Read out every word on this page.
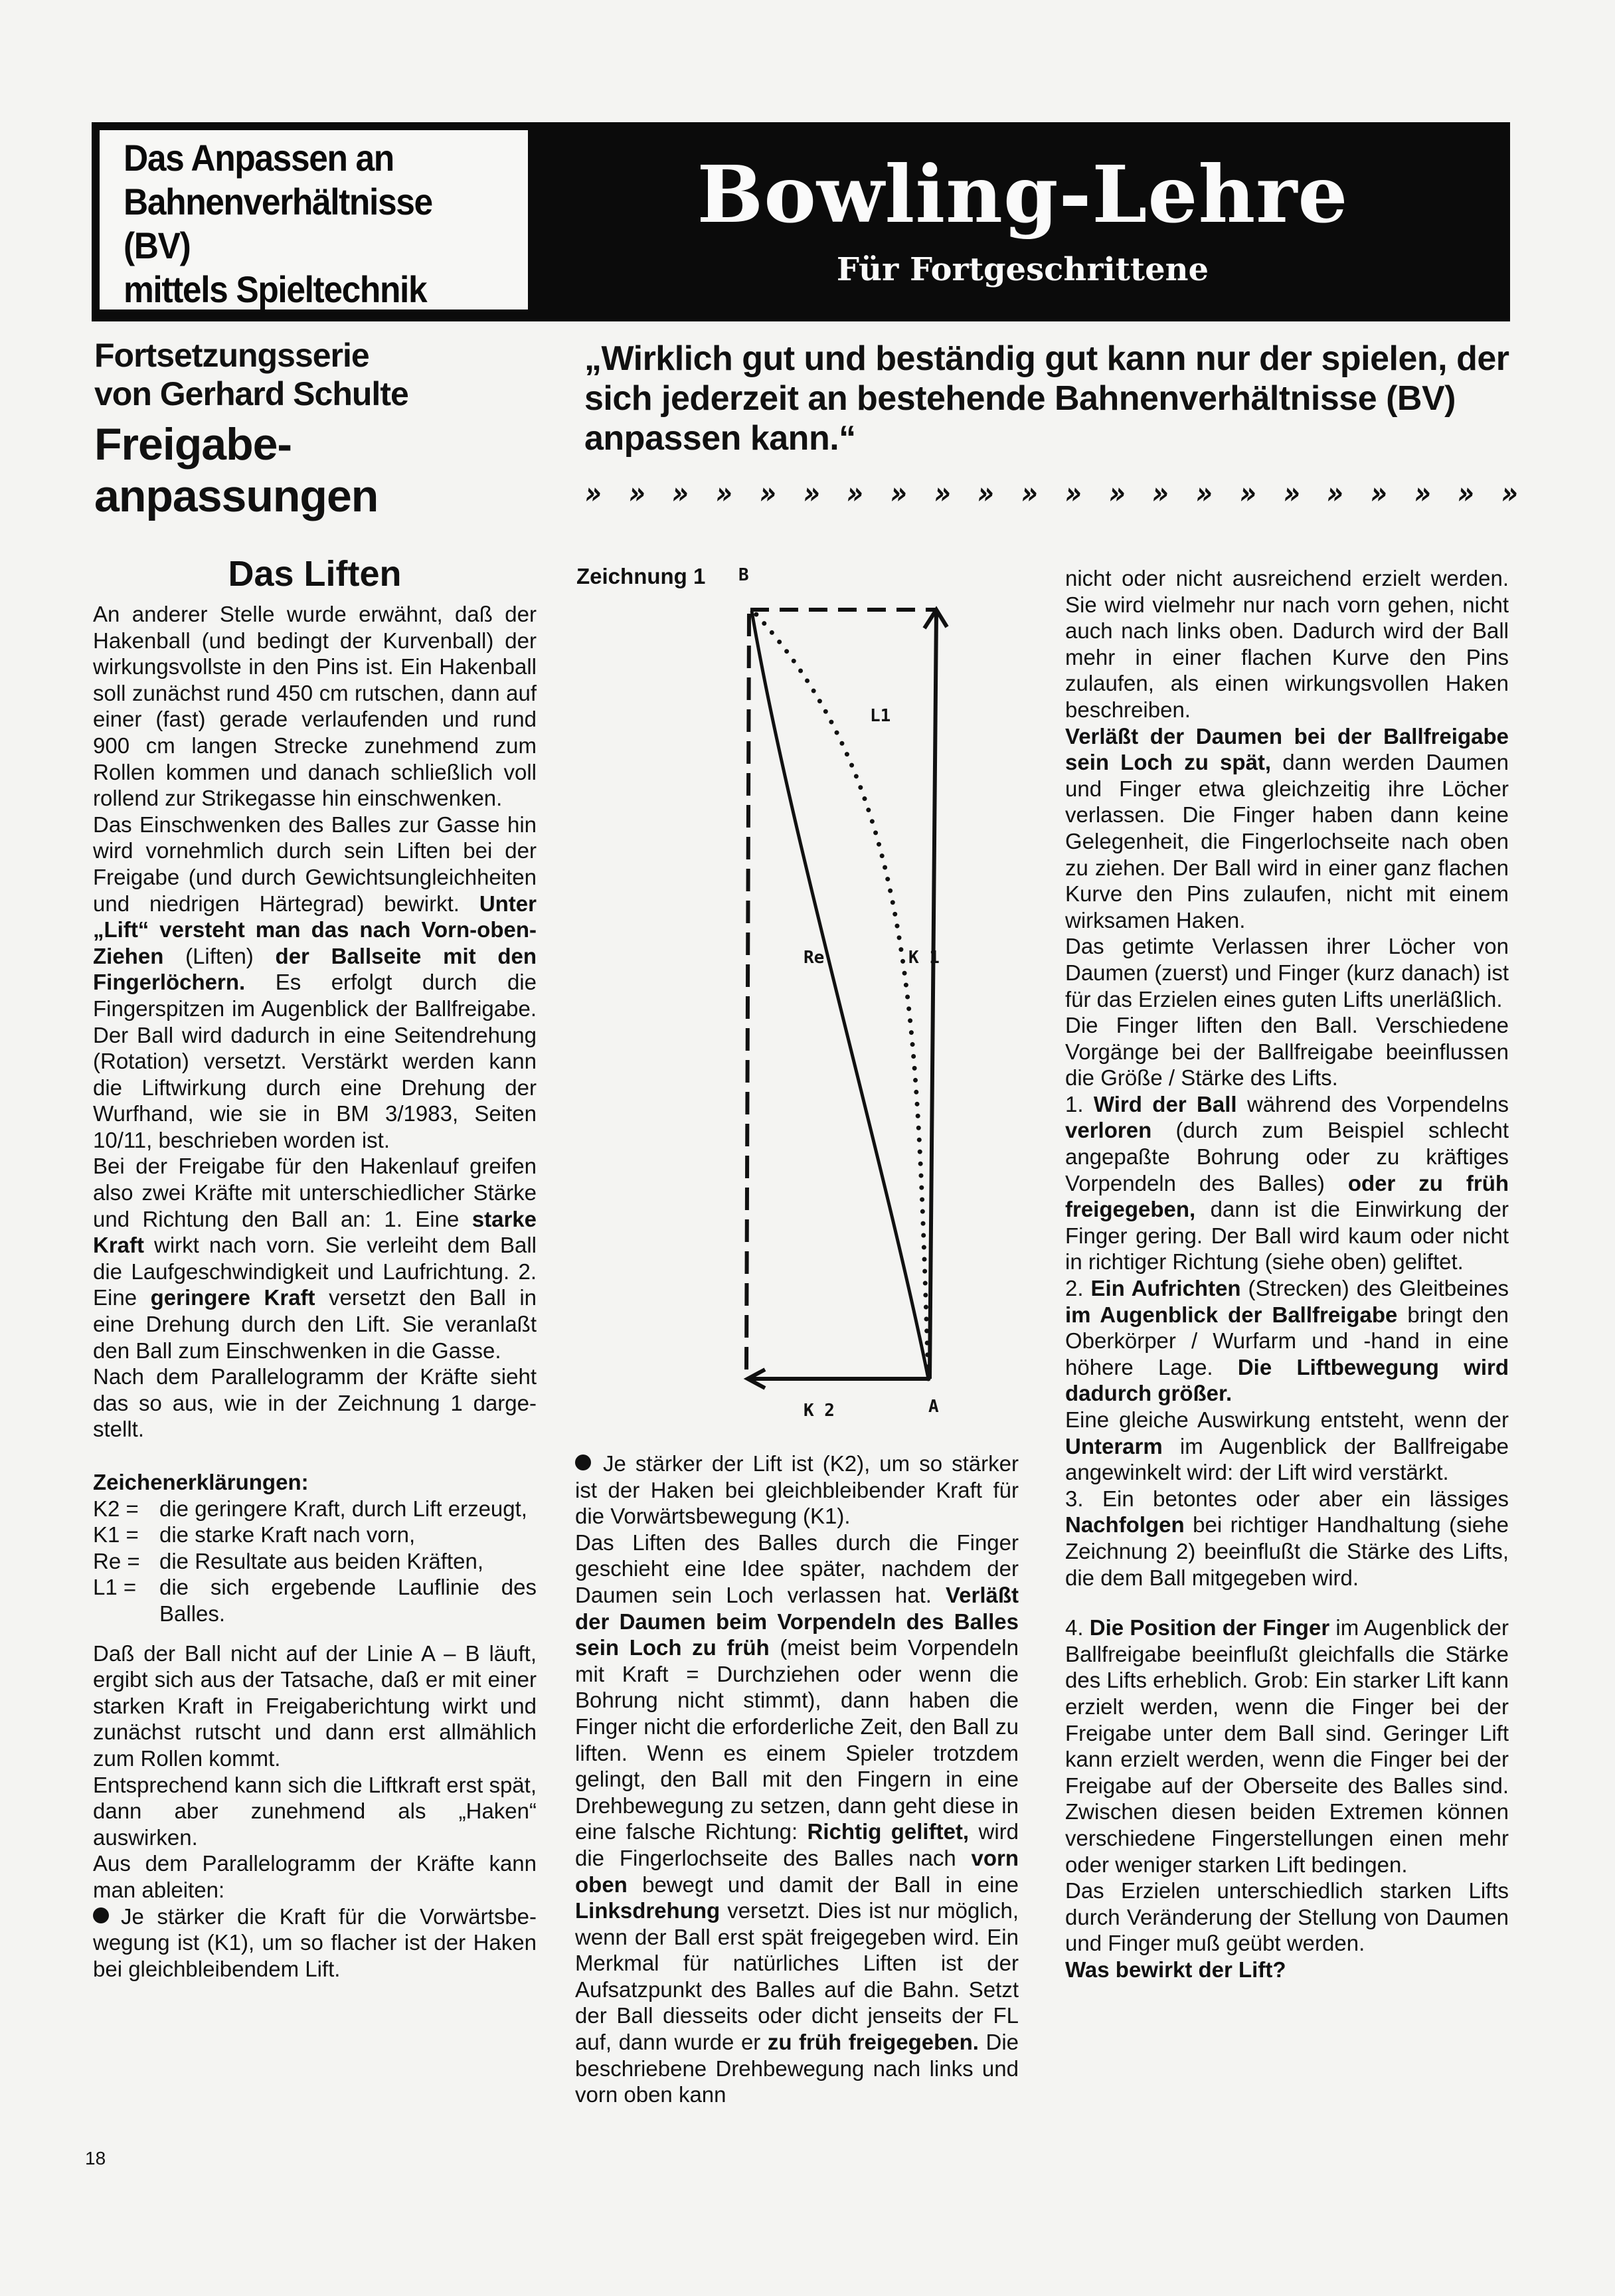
Das Anpassen an
Bahnenverhältnisse
(BV)
mittels Spieltechnik
Bowling-Lehre
Für Fortgeschrittene
Fortsetzungsserie
von Gerhard Schulte
Freigabe-
anpassungen
„Wirklich gut und beständig gut kann nur der spielen, der sich jederzeit an bestehende Bahnenverhältnisse (BV) anpassen kann.“
» » » » » » » » » » » » » » » » » » » » » »
Das Liften

An anderer Stelle wurde erwähnt, daß der Hakenball (und bedingt der Kurvenball) der wirkungsvollste in den Pins ist. Ein Hakenball soll zunächst rund 450 cm rutschen, dann auf einer (fast) gerade verlaufenden und rund 900 cm langen Strecke zunehmend zum Rollen kommen und danach schließlich voll rollend zur Strikegasse hin einschwenken.

Das Einschwenken des Balles zur Gasse hin wird vornehmlich durch sein Liften bei der Freigabe (und durch Gewichtsungleichheiten und niedrigen Härtegrad) bewirkt. Unter „Lift“ versteht man das nach Vorn-oben-Ziehen (Liften) der Ballseite mit den Fingerlöchern. Es erfolgt durch die Fingerspitzen im Augenblick der Ballfreigabe. Der Ball wird dadurch in eine Seitendrehung (Rotation) versetzt. Verstärkt werden kann die Liftwirkung durch eine Drehung der Wurfhand, wie sie in BM 3/1983, Seiten 10/11, beschrieben worden ist.

Bei der Freigabe für den Hakenlauf greifen also zwei Kräfte mit unterschiedlicher Stärke und Richtung den Ball an: 1. Eine starke Kraft wirkt nach vorn. Sie verleiht dem Ball die Laufgeschwindigkeit und Laufrichtung. 2. Eine geringere Kraft versetzt den Ball in eine Drehung durch den Lift. Sie veranlaßt den Ball zum Einschwenken in die Gasse.

Nach dem Parallelogramm der Kräfte sieht das so aus, wie in der Zeichnung 1 dargestellt.

Zeichenerklärungen:

K2 = die geringere Kraft, durch Lift erzeugt,
K1 = die starke Kraft nach vorn,
Re = die Resultate aus beiden Kräften,
L1 =	die sich ergebende Lauflinie des Balles.

Daß der Ball nicht auf der Linie A – B läuft, ergibt sich aus der Tatsache, daß er mit einer starken Kraft in Freigaberichtung wirkt und zunächst rutscht und dann erst allmählich zum Rollen kommt.

Entsprechend kann sich die Liftkraft erst spät, dann aber zunehmend als „Haken“ auswirken.

Aus dem Parallelogramm der Kräfte kann man ableiten:

Je stärker die Kraft für die Vorwärtsbewegung ist (K1), um so flacher ist der Haken bei gleichbleibendem Lift.

Zeichnung 1 B
L1
Re	K 1
K 2	A

Je stärker der Lift ist (K2), um so stärker ist der Haken bei gleichbleibender Kraft für die Vorwärtsbewegung (K1).

Das Liften des Balles durch die Finger geschieht eine Idee später, nachdem der Daumen sein Loch verlassen hat. Verläßt der Daumen beim Vorpendeln des Balles sein Loch zu früh (meist beim Vorpendeln mit Kraft = Durchziehen oder wenn die Bohrung nicht stimmt), dann haben die Finger nicht die erforderliche Zeit, den Ball zu liften. Wenn es einem Spieler trotzdem gelingt, den Ball mit den Fingern in eine Drehbewegung zu setzen, dann geht diese in eine falsche Richtung: Richtig geliftet, wird die Fingerlochseite des Balles nach vorn oben bewegt und damit der Ball in eine Linksdrehung versetzt. Dies ist nur möglich, wenn der Ball erst spät freigegeben wird. Ein Merkmal für natürliches Liften ist der Aufsatzpunkt des Balles auf die Bahn. Setzt der Ball diesseits oder dicht jenseits der FL auf, dann wurde er zu früh freigegeben. Die beschriebene Drehbewegung nach links und vorn oben kann

nicht oder nicht ausreichend erzielt werden. Sie wird vielmehr nur nach vorn gehen, nicht auch nach links oben. Dadurch wird der Ball mehr in einer flachen Kurve den Pins zulaufen, als einen wirkungsvollen Haken beschreiben.

Verläßt der Daumen bei der Ballfreigabe sein Loch zu spät, dann werden Daumen und Finger etwa gleichzeitig ihre Löcher verlassen. Die Finger haben dann keine Gelegenheit, die Fingerlochseite nach oben zu ziehen. Der Ball wird in einer ganz flachen Kurve den Pins zulaufen, nicht mit einem wirksamen Haken.

Das getimte Verlassen ihrer Löcher von Daumen (zuerst) und Finger (kurz danach) ist für das Erzielen eines guten Lifts unerläßlich.

Die Finger liften den Ball. Verschiedene Vorgänge bei der Ballfreigabe beeinflussen die Größe / Stärke des Lifts.

1. Wird der Ball während des Vorpendelns verloren (durch zum Beispiel schlecht angepaßte Bohrung oder zu kräftiges Vorpendeln des Balles) oder zu früh freigegeben, dann ist die Einwirkung der Finger gering. Der Ball wird kaum oder nicht in richtiger Richtung (siehe oben) geliftet.

2. Ein Aufrichten (Strecken) des Gleitbeines im Augenblick der Ballfreigabe bringt den Oberkörper / Wurfarm und -hand in eine höhere Lage. Die Liftbewegung wird dadurch größer.

Eine gleiche Auswirkung entsteht, wenn der Unterarm im Augenblick der Ballfreigabe angewinkelt wird: der Lift wird verstärkt.

3. Ein betontes oder aber ein lässiges Nachfolgen bei richtiger Handhaltung (siehe Zeichnung 2) beeinflußt die Stärke des Lifts, die dem Ball mitgegeben wird.

4. Die Position der Finger im Augenblick der Ballfreigabe beeinflußt gleichfalls die Stärke des Lifts erheblich. Grob: Ein starker Lift kann erzielt werden, wenn die Finger bei der Freigabe unter dem Ball sind. Geringer Lift kann erzielt werden, wenn die Finger bei der Freigabe auf der Oberseite des Balles sind. Zwischen diesen beiden Extremen können verschiedene Fingerstellungen einen mehr oder weniger starken Lift bedingen.

Das Erzielen unterschiedlich starken Lifts durch Veränderung der Stellung von Daumen und Finger muß geübt werden.

Was bewirkt der Lift?

18
